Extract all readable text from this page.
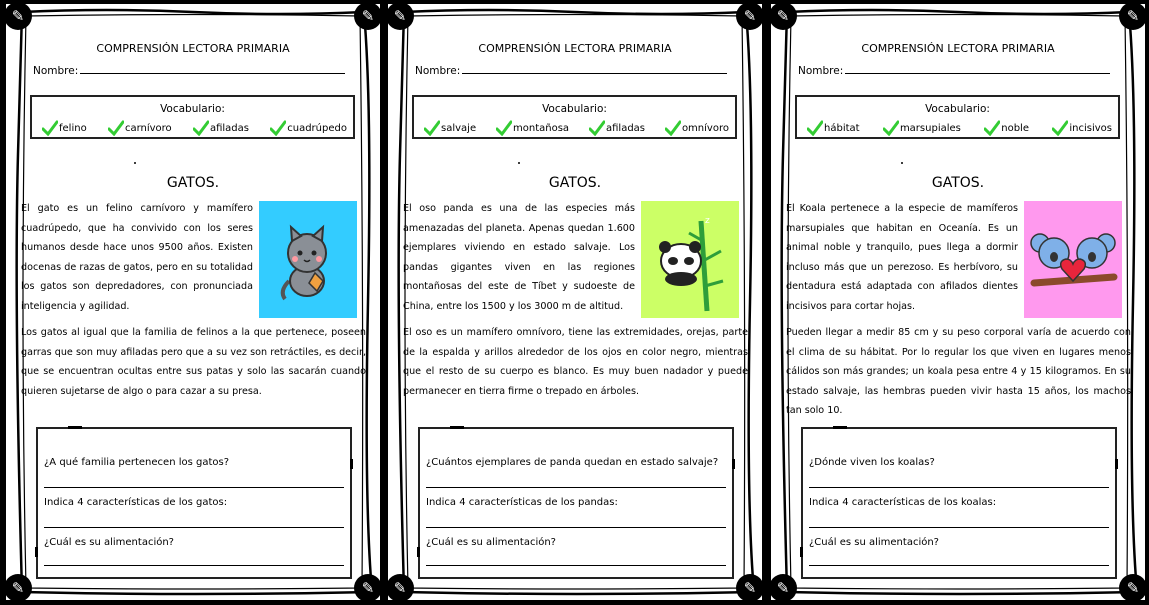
✎	✎
✎	✎
COMPRENSIÓN LECTORA PRIMARIA
Nombre:
Vocabulario:
felino	carnívoro	afiladas	cuadrúpedo
GATOS.

El gato es un felino carnívoro y mamífero cuadrúpedo, que ha convivido con los seres humanos desde hace unos 9500 años. Existen docenas de razas de gatos, pero en su totalidad los gatos son depredadores, con pronunciada inteligencia y agilidad.

Los gatos al igual que la familia de felinos a la que pertenece, poseen garras que son muy afiladas pero que a su vez son retráctiles, es decir, que se encuentran ocultas entre sus patas y solo las sacarán cuando quieren sujetarse de algo o para cazar a su presa.

¿A qué familia pertenecen los gatos?
Indica 4 características de los gatos:
¿Cuál es su alimentación?
✎	✎
✎	✎
COMPRENSIÓN LECTORA PRIMARIA
Nombre:
Vocabulario:
salvaje	montañosa	afiladas	omnívoro
GATOS.

El oso panda es una de las especies más amenazadas del planeta. Apenas quedan 1.600 ejemplares viviendo en estado salvaje. Los pandas gigantes viven en las regiones montañosas del este de Tíbet y sudoeste de China, entre los 1500 y los 3000 m de altitud.

z

El oso es un mamífero omnívoro, tiene las extremidades, orejas, parte de la espalda y arillos alrededor de los ojos en color negro, mientras que el resto de su cuerpo es blanco. Es muy buen nadador y puede permanecer en tierra firme o trepado en árboles.

¿Cuántos ejemplares de panda quedan en estado salvaje?
Indica 4 características de los pandas:
¿Cuál es su alimentación?
✎	✎
✎	✎
COMPRENSIÓN LECTORA PRIMARIA
Nombre:
Vocabulario:
hábitat	marsupiales	noble	incisivos
GATOS.

El Koala pertenece a la especie de mamíferos marsupiales que habitan en Oceanía. Es un animal noble y tranquilo, pues llega a dormir incluso más que un perezoso. Es herbívoro, su dentadura está adaptada con afilados dientes incisivos para cortar hojas.

Pueden llegar a medir 85 cm y su peso corporal varía de acuerdo con el clima de su hábitat. Por lo regular los que viven en lugares menos cálidos son más grandes; un koala pesa entre 4 y 15 kilogramos. En su estado salvaje, las hembras pueden vivir hasta 15 años, los machos tan solo 10.

¿Dónde viven los koalas?
Indica 4 características de los koalas:
¿Cuál es su alimentación?
